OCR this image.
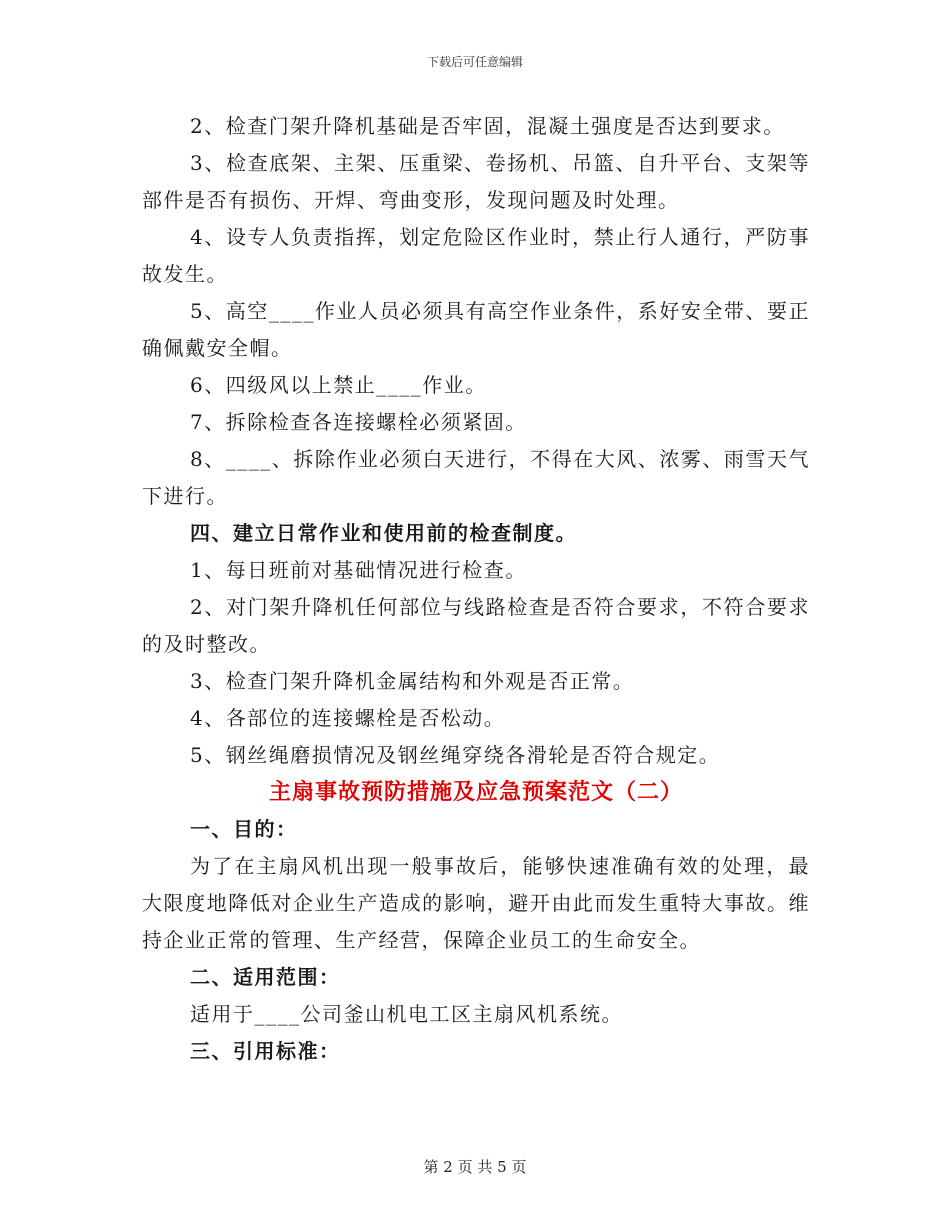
下载后可任意编辑

2、检查门架升降机基础是否牢固，混凝土强度是否达到要求。

3、检查底架、主架、压重梁、卷扬机、吊篮、自升平台、支架等部件是否有损伤、开焊、弯曲变形，发现问题及时处理。

4、设专人负责指挥，划定危险区作业时，禁止行人通行，严防事故发生。

5、高空____作业人员必须具有高空作业条件，系好安全带、要正确佩戴安全帽。

6、四级风以上禁止____作业。

7、拆除检查各连接螺栓必须紧固。

8、____、拆除作业必须白天进行，不得在大风、浓雾、雨雪天气下进行。

四、建立日常作业和使用前的检查制度。

1、每日班前对基础情况进行检查。

2、对门架升降机任何部位与线路检查是否符合要求，不符合要求的及时整改。

3、检查门架升降机金属结构和外观是否正常。

4、各部位的连接螺栓是否松动。

5、钢丝绳磨损情况及钢丝绳穿绕各滑轮是否符合规定。

主扇事故预防措施及应急预案范文（二）

一、目的：

为了在主扇风机出现一般事故后，能够快速准确有效的处理，最大限度地降低对企业生产造成的影响，避开由此而发生重特大事故。维持企业正常的管理、生产经营，保障企业员工的生命安全。

二、适用范围：

适用于____公司釜山机电工区主扇风机系统。

三、引用标准：

第 2 页 共 5 页
